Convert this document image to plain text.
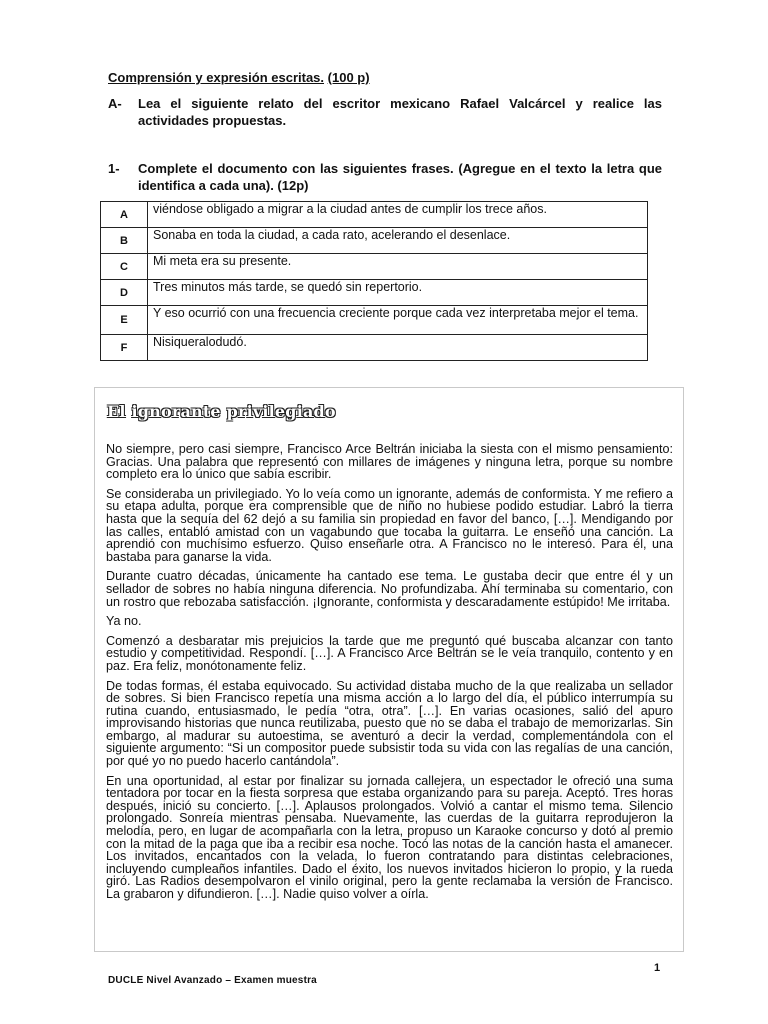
Comprensión y expresión escritas. (100 p)
A- Lea el siguiente relato del escritor mexicano Rafael Valcárcel y realice las actividades propuestas.
1- Complete el documento con las siguientes frases. (Agregue en el texto la letra que identifica a cada una). (12p)
A	viéndose obligado a migrar a la ciudad antes de cumplir los trece años.
B	Sonaba en toda la ciudad, a cada rato, acelerando el desenlace.
C	Mi meta era su presente.
D	Tres minutos más tarde, se quedó sin repertorio.
E	Y eso ocurrió con una frecuencia creciente porque cada vez interpretaba mejor el tema.
F	Nisiqueralodudó.
El ignorante privilegiado

No siempre, pero casi siempre, Francisco Arce Beltrán iniciaba la siesta con el mismo pensamiento: Gracias. Una palabra que representó con millares de imágenes y ninguna letra, porque su nombre completo era lo único que sabía escribir.

Se consideraba un privilegiado. Yo lo veía como un ignorante, además de conformista. Y me refiero a su etapa adulta, porque era comprensible que de niño no hubiese podido estudiar. Labró la tierra hasta que la sequía del 62 dejó a su familia sin propiedad en favor del banco, […]. Mendigando por las calles, entabló amistad con un vagabundo que tocaba la guitarra. Le enseñó una canción. La aprendió con muchísimo esfuerzo. Quiso enseñarle otra. A Francisco no le interesó. Para él, una bastaba para ganarse la vida.

Durante cuatro décadas, únicamente ha cantado ese tema. Le gustaba decir que entre él y un sellador de sobres no había ninguna diferencia. No profundizaba. Ahí terminaba su comentario, con un rostro que rebozaba satisfacción. ¡Ignorante, conformista y descaradamente estúpido! Me irritaba.

Ya no.

Comenzó a desbaratar mis prejuicios la tarde que me preguntó qué buscaba alcanzar con tanto estudio y competitividad. Respondí. […]. A Francisco Arce Beltrán se le veía tranquilo, contento y en paz. Era feliz, monótonamente feliz.

De todas formas, él estaba equivocado. Su actividad distaba mucho de la que realizaba un sellador de sobres. Si bien Francisco repetía una misma acción a lo largo del día, el público interrumpía su rutina cuando, entusiasmado, le pedía “otra, otra”. […]. En varias ocasiones, salió del apuro improvisando historias que nunca reutilizaba, puesto que no se daba el trabajo de memorizarlas. Sin embargo, al madurar su autoestima, se aventuró a decir la verdad, complementándola con el siguiente argumento: “Si un compositor puede subsistir toda su vida con las regalías de una canción, por qué yo no puedo hacerlo cantándola”.

En una oportunidad, al estar por finalizar su jornada callejera, un espectador le ofreció una suma tentadora por tocar en la fiesta sorpresa que estaba organizando para su pareja. Aceptó. Tres horas después, inició su concierto. […]. Aplausos prolongados. Volvió a cantar el mismo tema. Silencio prolongado. Sonreía mientras pensaba. Nuevamente, las cuerdas de la guitarra reprodujeron la melodía, pero, en lugar de acompañarla con la letra, propuso un Karaoke concurso y dotó al premio con la mitad de la paga que iba a recibir esa noche. Tocó las notas de la canción hasta el amanecer. Los invitados, encantados con la velada, lo fueron contratando para distintas celebraciones, incluyendo cumpleaños infantiles. Dado el éxito, los nuevos invitados hicieron lo propio, y la rueda giró. Las Radios desempolvaron el vinilo original, pero la gente reclamaba la versión de Francisco. La grabaron y difundieron. […]. Nadie quiso volver a oírla.

1
DUCLE Nivel Avanzado – Examen muestra
